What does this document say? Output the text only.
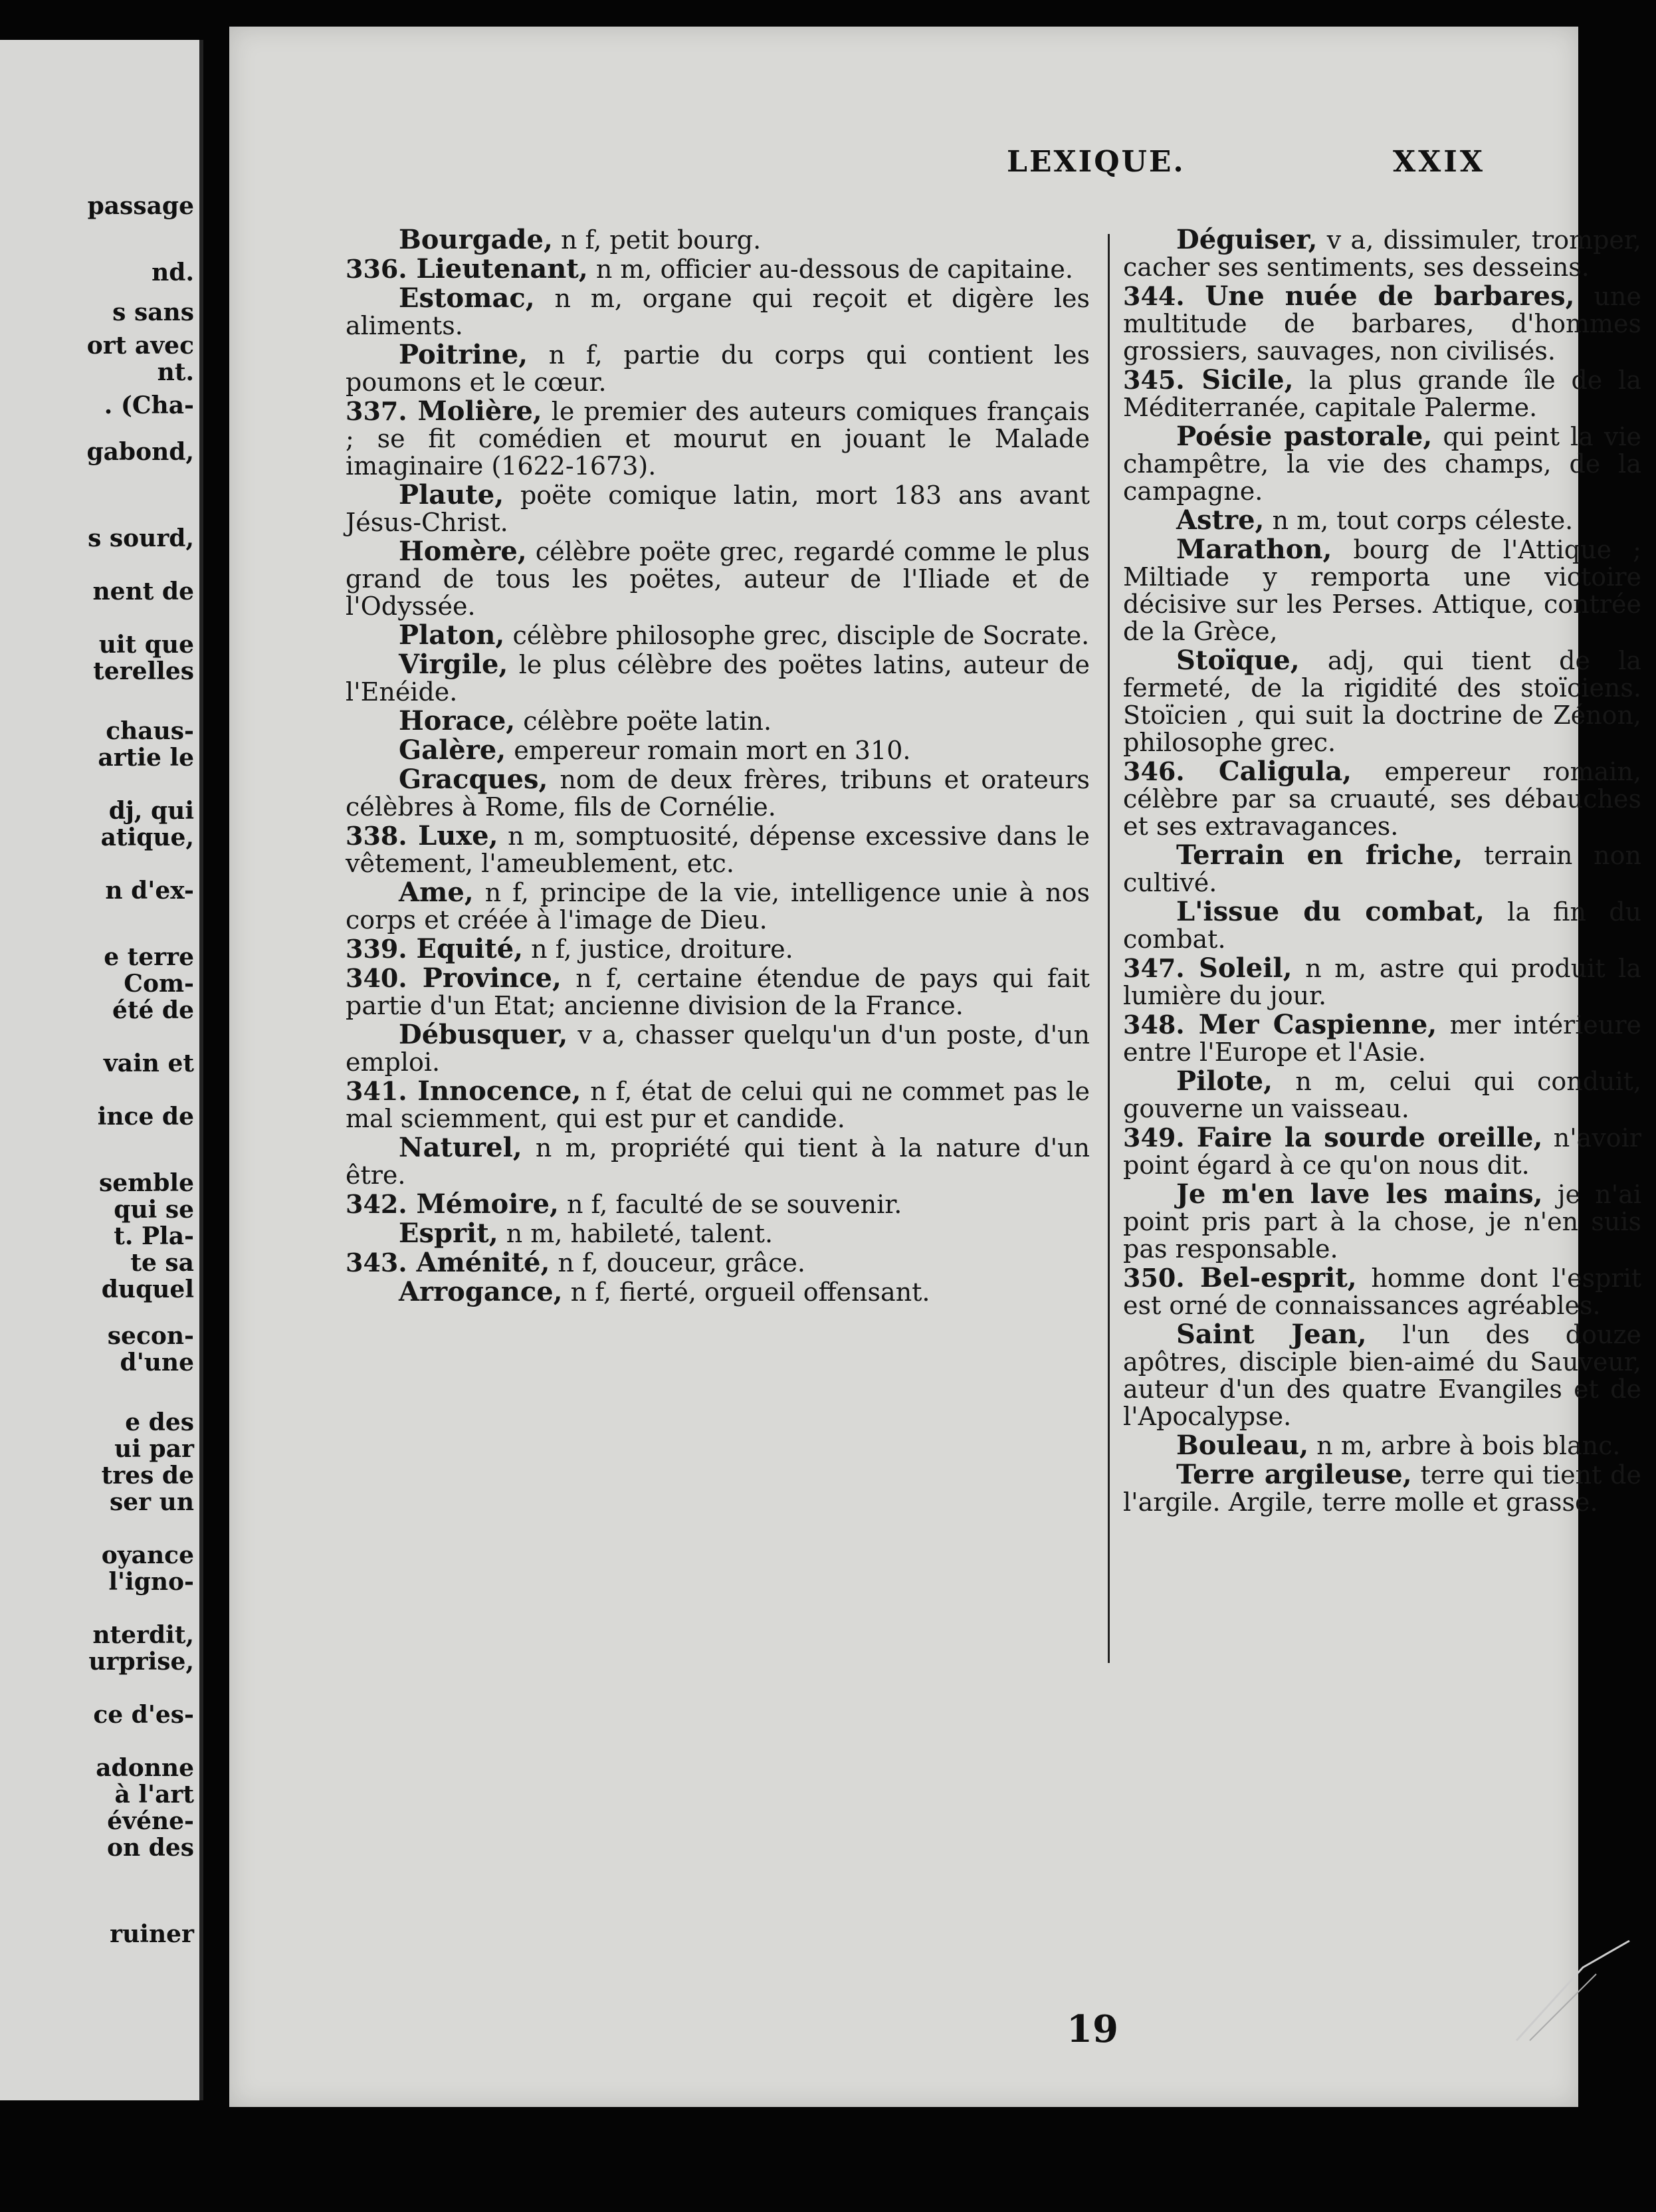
passage
nd.
s sans
ort avec
nt.
. (Cha-
gabond,
s sourd,
nent de
uit que
terelles
chaus-
artie le
dj, qui
atique,
n d'ex-
e terre
Com-
été de
vain et
ince de
semble
qui se
t. Pla-
te sa
duquel
secon-
d'une
e des
ui par
tres de
ser un
oyance
l'igno-
nterdit,
urprise,
ce d'es-
adonne
à l'art
événe-
on des
ruiner
LEXIQUE.	XXIX

Bourgade, n f, petit bourg.

336. Lieutenant, n m, officier au-dessous de capitaine.

Estomac, n m, organe qui reçoit et digère les aliments.

Poitrine, n f, partie du corps qui contient les poumons et le cœur.

337. Molière, le premier des auteurs comiques français ; se fit comédien et mourut en jouant le Malade imaginaire (1622-1673).

Plaute, poëte comique latin, mort 183 ans avant Jésus-Christ.

Homère, célèbre poëte grec, regardé comme le plus grand de tous les poëtes, auteur de l'Iliade et de l'Odyssée.

Platon, célèbre philosophe grec, disciple de Socrate.

Virgile, le plus célèbre des poëtes latins, auteur de l'Enéide.

Horace, célèbre poëte latin.

Galère, empereur romain mort en 310.

Gracques, nom de deux frères, tribuns et orateurs célèbres à Rome, fils de Cornélie.

338. Luxe, n m, somptuosité, dépense excessive dans le vêtement, l'ameublement, etc.

Ame, n f, principe de la vie, intelligence unie à nos corps et créée à l'image de Dieu.

339. Equité, n f, justice, droiture.

340. Province, n f, certaine étendue de pays qui fait partie d'un Etat; ancienne division de la France.

Débusquer, v a, chasser quelqu'un d'un poste, d'un emploi.

341. Innocence, n f, état de celui qui ne commet pas le mal sciemment, qui est pur et candide.

Naturel, n m, propriété qui tient à la nature d'un être.

342. Mémoire, n f, faculté de se souvenir.

Esprit, n m, habileté, talent.

343. Aménité, n f, douceur, grâce.

Arrogance, n f, fierté, orgueil offensant.

Déguiser, v a, dissimuler, tromper, cacher ses sentiments, ses desseins.

344. Une nuée de barbares, une multitude de barbares, d'hommes grossiers, sauvages, non civilisés.

345. Sicile, la plus grande île de la Méditerranée, capitale Palerme.

Poésie pastorale, qui peint la vie champêtre, la vie des champs, de la campagne.

Astre, n m, tout corps céleste.

Marathon, bourg de l'Attique ; Miltiade y remporta une victoire décisive sur les Perses. Attique, contrée de la Grèce,

Stoïque, adj, qui tient de la fermeté, de la rigidité des stoïciens. Stoïcien , qui suit la doctrine de Zénon, philosophe grec.

346. Caligula, empereur romain, célèbre par sa cruauté, ses débauches et ses extravagances.

Terrain en friche, terrain non cultivé.

L'issue du combat, la fin du combat.

347. Soleil, n m, astre qui produit la lumière du jour.

348. Mer Caspienne, mer intérieure entre l'Europe et l'Asie.

Pilote, n m, celui qui conduit, gouverne un vaisseau.

349. Faire la sourde oreille, n'avoir point égard à ce qu'on nous dit.

Je m'en lave les mains, je n'ai point pris part à la chose, je n'en suis pas responsable.

350. Bel-esprit, homme dont l'esprit est orné de connaissances agréables.

Saint Jean, l'un des douze apôtres, disciple bien-aimé du Sauveur, auteur d'un des quatre Evangiles et de l'Apocalypse.

Bouleau, n m, arbre à bois blanc.

Terre argileuse, terre qui tient de l'argile. Argile, terre molle et grasse.

19
